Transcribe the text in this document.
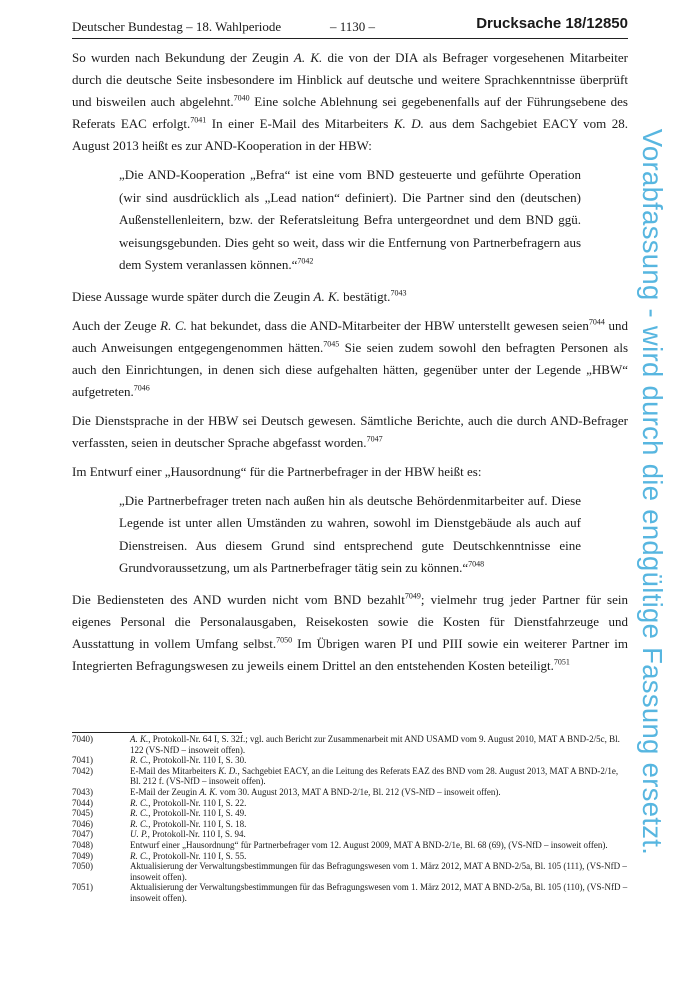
Deutscher Bundestag – 18. Wahlperiode	– 1130 –	Drucksache 18/12850

So wurden nach Bekundung der Zeugin A. K. die von der DIA als Befrager vorgesehenen Mitarbeiter durch die deutsche Seite insbesondere im Hinblick auf deutsche und weitere Sprachkenntnisse überprüft und bisweilen auch abgelehnt.$^{7040}$ Eine solche Ablehnung sei gegebenenfalls auf der Führungsebene des Referats EAC erfolgt.$^{7041}$ In einer E-Mail des Mitarbeiters K. D. aus dem Sachgebiet EACY vom 28. August 2013 heißt es zur AND-Kooperation in der HBW:

„Die AND-Kooperation „Befra“ ist eine vom BND gesteuerte und geführte Operation (wir sind ausdrücklich als „Lead nation“ definiert). Die Partner sind den (deutschen) Außenstellenleitern, bzw. der Referatsleitung Befra untergeordnet und dem BND ggü. weisungsgebunden. Dies geht so weit, dass wir die Entfernung von Partnerbefragern aus dem System veranlassen können.“$^{7042}$

Diese Aussage wurde später durch die Zeugin A. K. bestätigt.$^{7043}$

Auch der Zeuge R. C. hat bekundet, dass die AND-Mitarbeiter der HBW unterstellt gewesen seien$^{7044}$ und auch Anweisungen entgegengenommen hätten.$^{7045}$ Sie seien zudem sowohl den befragten Personen als auch den Einrichtungen, in denen sich diese aufgehalten hätten, gegenüber unter der Legende „HBW“ aufgetreten.$^{7046}$

Die Dienstsprache in der HBW sei Deutsch gewesen. Sämtliche Berichte, auch die durch AND-Befrager verfassten, seien in deutscher Sprache abgefasst worden.$^{7047}$

Im Entwurf einer „Hausordnung“ für die Partnerbefrager in der HBW heißt es:

„Die Partnerbefrager treten nach außen hin als deutsche Behördenmitarbeiter auf. Diese Legende ist unter allen Umständen zu wahren, sowohl im Dienstgebäude als auch auf Dienstreisen. Aus diesem Grund sind entsprechend gute Deutschkenntnisse eine Grundvoraussetzung, um als Partnerbefrager tätig sein zu können.“$^{7048}$

Die Bediensteten des AND wurden nicht vom BND bezahlt$^{7049}$; vielmehr trug jeder Partner für sein eigenes Personal die Personalausgaben, Reisekosten sowie die Kosten für Dienstfahrzeuge und Ausstattung in vollem Umfang selbst.$^{7050}$ Im Übrigen waren PI und PIII sowie ein weiterer Partner im Integrierten Befragungswesen zu jeweils einem Drittel an den entstehenden Kosten beteiligt.$^{7051}$	Vorabfassung - wird durch die endgültige Fassung ersetzt.
7040)	A. K., Protokoll-Nr. 64 I, S. 32f.; vgl. auch Bericht zur Zusammenarbeit mit AND USAMD vom 9. August 2010, MAT A BND-2/5c, Bl. 122 (VS-NfD – insoweit offen).
7041)	R. C., Protokoll-Nr. 110 I, S. 30.
7042)	E-Mail des Mitarbeiters K. D., Sachgebiet EACY, an die Leitung des Referats EAZ des BND vom 28. August 2013, MAT A BND-2/1e, Bl. 212 f. (VS-NfD – insoweit offen).
7043)	E-Mail der Zeugin A. K. vom 30. August 2013, MAT A BND-2/1e, Bl. 212 (VS-NfD – insoweit offen).
7044)	R. C., Protokoll-Nr. 110 I, S. 22.
7045)	R. C., Protokoll-Nr. 110 I, S. 49.
7046)	R. C., Protokoll-Nr. 110 I, S. 18.
7047)	U. P., Protokoll-Nr. 110 I, S. 94.
7048)	Entwurf einer „Hausordnung“ für Partnerbefrager vom 12. August 2009, MAT A BND-2/1e, Bl. 68 (69), (VS-NfD – insoweit offen).
7049)	R. C., Protokoll-Nr. 110 I, S. 55.
7050)	Aktualisierung der Verwaltungsbestimmungen für das Befragungswesen vom 1. März 2012, MAT A BND-2/5a, Bl. 105 (111), (VS-NfD – insoweit offen).
7051)	Aktualisierung der Verwaltungsbestimmungen für das Befragungswesen vom 1. März 2012, MAT A BND-2/5a, Bl. 105 (110), (VS-NfD – insoweit offen).
